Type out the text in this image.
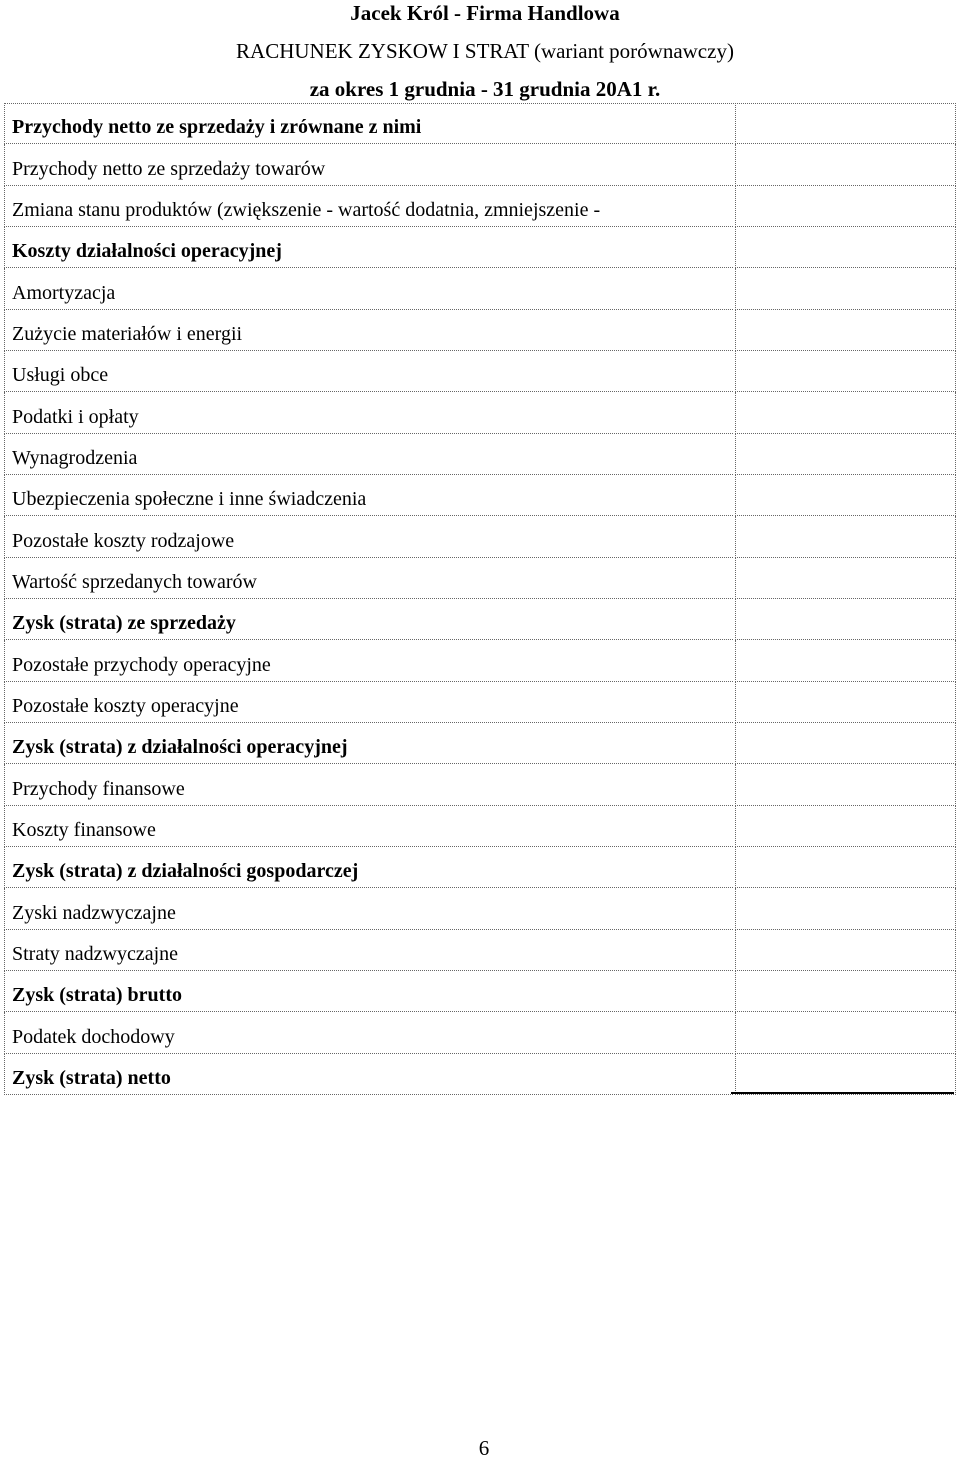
Jacek Król - Firma Handlowa
RACHUNEK ZYSKOW I STRAT (wariant porównawczy)
za okres 1 grudnia - 31 grudnia 20A1 r.
Przychody netto ze sprzedaży i zrównane z nimi
Przychody netto ze sprzedaży towarów
Zmiana stanu produktów (zwiększenie - wartość dodatnia, zmniejszenie -
Koszty działalności operacyjnej
Amortyzacja
Zużycie materiałów i energii
Usługi obce
Podatki i opłaty
Wynagrodzenia
Ubezpieczenia społeczne i inne świadczenia
Pozostałe koszty rodzajowe
Wartość sprzedanych towarów
Zysk (strata) ze sprzedaży
Pozostałe przychody operacyjne
Pozostałe koszty operacyjne
Zysk (strata) z działalności operacyjnej
Przychody finansowe
Koszty finansowe
Zysk (strata) z działalności gospodarczej
Zyski nadzwyczajne
Straty nadzwyczajne
Zysk (strata) brutto
Podatek dochodowy
Zysk (strata) netto
6
